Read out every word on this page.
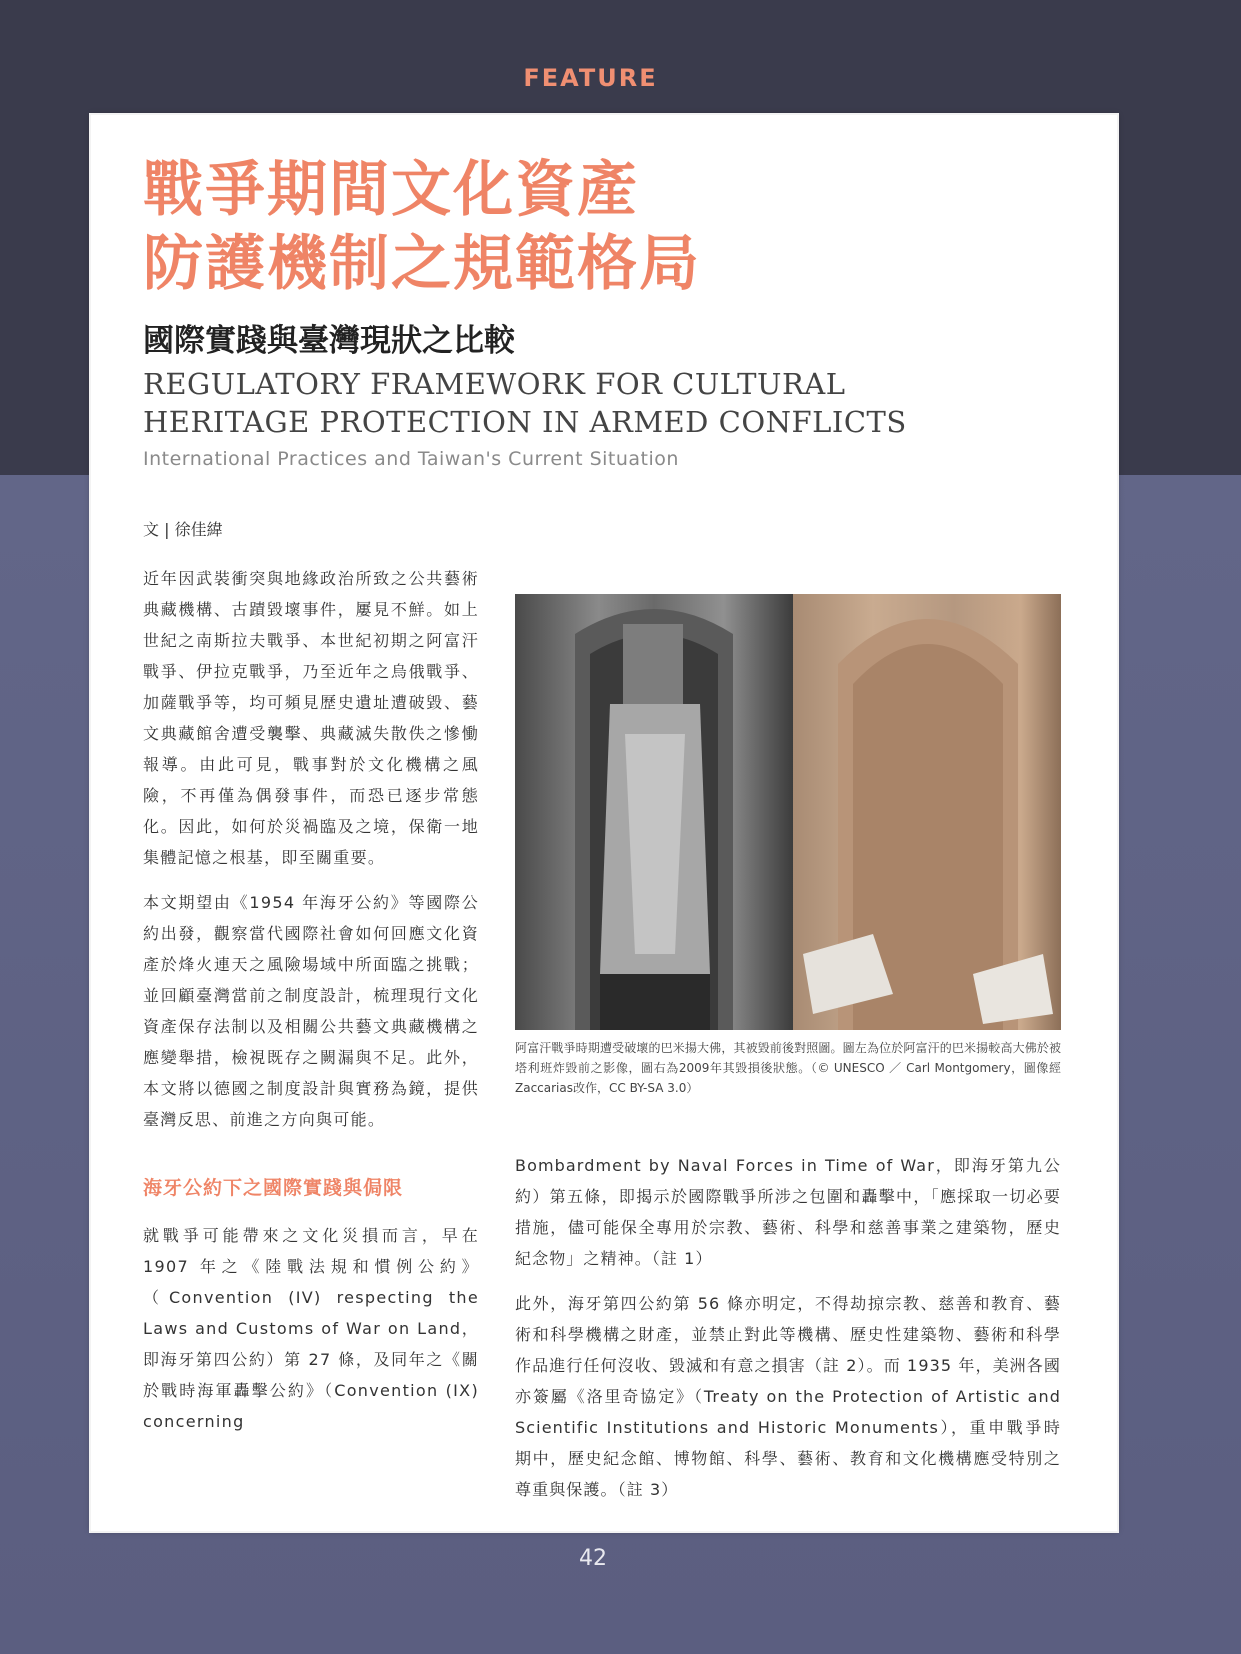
FEATURE
戰爭期間文化資產
防護機制之規範格局
國際實踐與臺灣現狀之比較
REGULATORY FRAMEWORK FOR CULTURAL
HERITAGE PROTECTION IN ARMED CONFLICTS
International Practices and Taiwan's Current Situation
文 | 徐佳緯

近年因武裝衝突與地緣政治所致之公共藝術典藏機構、古蹟毀壞事件，屢見不鮮。如上世紀之南斯拉夫戰爭、本世紀初期之阿富汗戰爭、伊拉克戰爭，乃至近年之烏俄戰爭、加薩戰爭等，均可頻見歷史遺址遭破毀、藝文典藏館舍遭受襲擊、典藏滅失散佚之慘慟報導。由此可見，戰事對於文化機構之風險，不再僅為偶發事件，而恐已逐步常態化。因此，如何於災禍臨及之境，保衛一地集體記憶之根基，即至關重要。

本文期望由《1954 年海牙公約》等國際公約出發，觀察當代國際社會如何回應文化資產於烽火連天之風險場域中所面臨之挑戰；並回顧臺灣當前之制度設計，梳理現行文化資產保存法制以及相關公共藝文典藏機構之應變舉措，檢視既存之闕漏與不足。此外，本文將以德國之制度設計與實務為鏡，提供臺灣反思、前進之方向與可能。

海牙公約下之國際實踐與侷限

就戰爭可能帶來之文化災損而言，早在 1907 年之《陸戰法規和慣例公約》（Convention (IV) respecting the Laws and Customs of War on Land，即海牙第四公約）第 27 條，及同年之《關於戰時海軍轟擊公約》（Convention (IX) concerning

阿富汗戰爭時期遭受破壞的巴米揚大佛，其被毀前後對照圖。圖左為位於阿富汗的巴米揚較高大佛於被塔利班炸毀前之影像，圖右為2009年其毀損後狀態。（© UNESCO ／ Carl Montgomery，圖像經Zaccarias改作，CC BY-SA 3.0）

Bombardment by Naval Forces in Time of War，即海牙第九公約）第五條，即揭示於國際戰爭所涉之包圍和轟擊中，「應採取一切必要措施，儘可能保全專用於宗教、藝術、科學和慈善事業之建築物，歷史紀念物」之精神。（註 1）

此外，海牙第四公約第 56 條亦明定，不得劫掠宗教、慈善和教育、藝術和科學機構之財產，並禁止對此等機構、歷史性建築物、藝術和科學作品進行任何沒收、毀滅和有意之損害（註 2）。而 1935 年，美洲各國亦簽屬《洛里奇協定》（Treaty on the Protection of Artistic and Scientific Institutions and Historic Monuments），重申戰爭時期中，歷史紀念館、博物館、科學、藝術、教育和文化機構應受特別之尊重與保護。（註 3）

42
